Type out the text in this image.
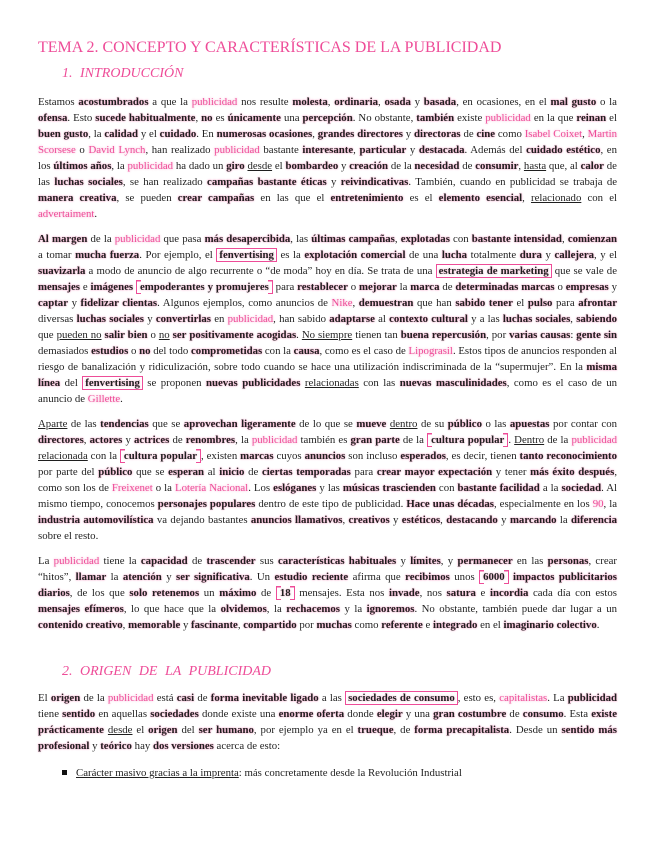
TEMA 2. CONCEPTO Y CARACTERÍSTICAS DE LA PUBLICIDAD
1. INTRODUCCIÓN

Estamos acostumbrados a que la publicidad nos resulte molesta, ordinaria, osada y basada, en ocasiones, en el mal gusto o la ofensa. Esto sucede habitualmente, no es únicamente una percepción. No obstante, también existe publicidad en la que reinan el buen gusto, la calidad y el cuidado. En numerosas ocasiones, grandes directores y directoras de cine como Isabel Coixet, Martin Scorsese o David Lynch, han realizado publicidad bastante interesante, particular y destacada. Además del cuidado estético, en los últimos años, la publicidad ha dado un giro desde el bombardeo y creación de la necesidad de consumir, hasta que, al calor de las luchas sociales, se han realizado campañas bastante éticas y reivindicativas. También, cuando en publicidad se trabaja de manera creativa, se pueden crear campañas en las que el entretenimiento es el elemento esencial, relacionado con el advertaiment.

Al margen de la publicidad que pasa más desapercibida, las últimas campañas, explotadas con bastante intensidad, comienzan a tomar mucha fuerza. Por ejemplo, el fenvertising es la explotación comercial de una lucha totalmente dura y callejera, y el suavizarla a modo de anuncio de algo recurrente o “de moda” hoy en día. Se trata de una estrategia de marketing que se vale de mensajes e imágenes empoderantes y promujeres para restablecer o mejorar la marca de determinadas marcas o empresas y captar y fidelizar clientas. Algunos ejemplos, como anuncios de Nike, demuestran que han sabido tener el pulso para afrontar diversas luchas sociales y convertirlas en publicidad, han sabido adaptarse al contexto cultural y a las luchas sociales, sabiendo que pueden no salir bien o no ser positivamente acogidas. No siempre tienen tan buena repercusión, por varias causas: gente sin demasiados estudios o no del todo comprometidas con la causa, como es el caso de Lipograsil. Estos tipos de anuncios responden al riesgo de banalización y ridiculización, sobre todo cuando se hace una utilización indiscriminada de la “supermujer”. En la misma línea del fenvertising se proponen nuevas publicidades relacionadas con las nuevas masculinidades, como es el caso de un anuncio de Gillette.

Aparte de las tendencias que se aprovechan ligeramente de lo que se mueve dentro de su público o las apuestas por contar con directores, actores y actrices de renombres, la publicidad también es gran parte de la cultura popular . Dentro de la publicidad relacionada con la cultura popular , existen marcas cuyos anuncios son incluso esperados, es decir, tienen tanto reconocimiento por parte del público que se esperan al inicio de ciertas temporadas para crear mayor expectación y tener más éxito después, como son los de Freixenet o la Lotería Nacional. Los eslóganes y las músicas trascienden con bastante facilidad a la sociedad. Al mismo tiempo, conocemos personajes populares dentro de este tipo de publicidad. Hace unas décadas, especialmente en los 90, la industria automovilística va dejando bastantes anuncios llamativos, creativos y estéticos, destacando y marcando la diferencia sobre el resto.

La publicidad tiene la capacidad de trascender sus características habituales y límites, y permanecer en las personas, crear “hitos”, llamar la atención y ser significativa. Un estudio reciente afirma que recibimos unos 6000 impactos publicitarios diarios, de los que solo retenemos un máximo de 18 mensajes. Esta nos invade, nos satura e incordia cada día con estos mensajes efímeros, lo que hace que la olvidemos, la rechacemos y la ignoremos. No obstante, también puede dar lugar a un contenido creativo, memorable y fascinante, compartido por muchas como referente e integrado en el imaginario colectivo.

2. ORIGEN DE LA PUBLICIDAD

El origen de la publicidad está casi de forma inevitable ligado a las sociedades de consumo , esto es, capitalistas. La publicidad tiene sentido en aquellas sociedades donde existe una enorme oferta donde elegir y una gran costumbre de consumo. Esta existe prácticamente desde el origen del ser humano, por ejemplo ya en el trueque, de forma precapitalista. Desde un sentido más profesional y teórico hay dos versiones acerca de esto:

Carácter masivo gracias a la imprenta: más concretamente desde la Revolución Industrial
